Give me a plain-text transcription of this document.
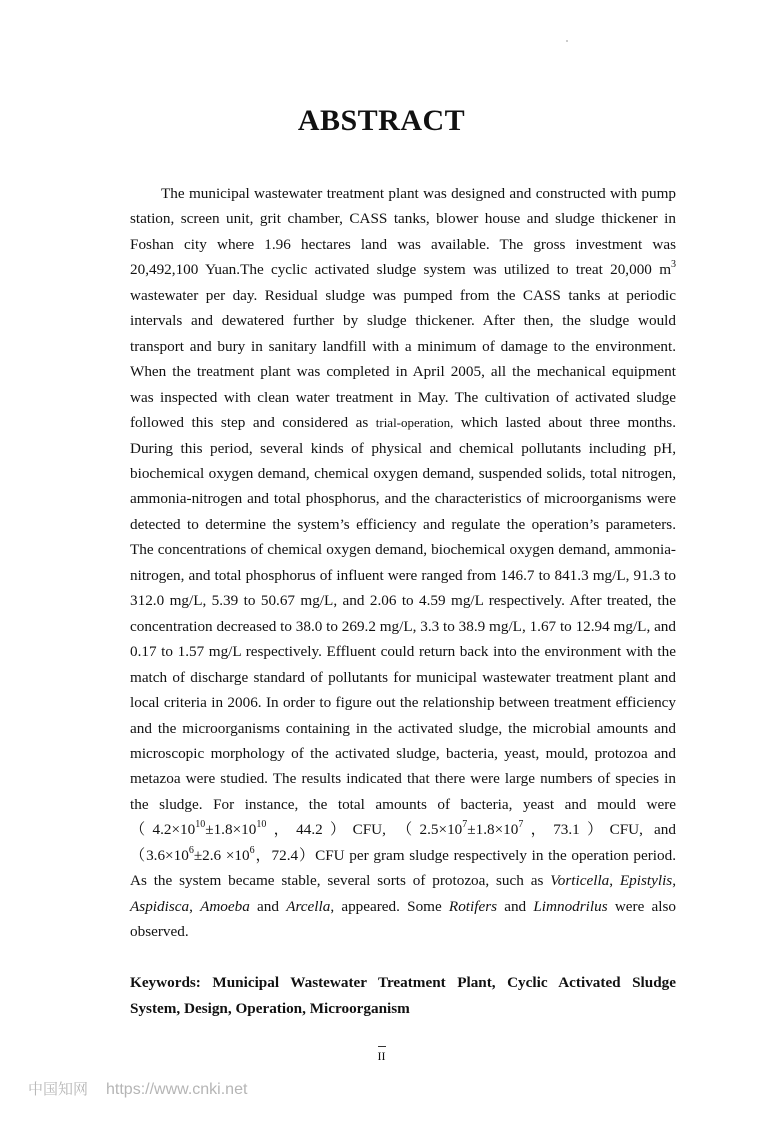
ABSTRACT

The municipal wastewater treatment plant was designed and constructed with pump station, screen unit, grit chamber, CASS tanks, blower house and sludge thickener in Foshan city where 1.96 hectares land was available. The gross investment was 20,492,100 Yuan.The cyclic activated sludge system was utilized to treat 20,000 $m^3$ wastewater per day. Residual sludge was pumped from the CASS tanks at periodic intervals and dewatered further by sludge thickener. After then, the sludge would transport and bury in sanitary landfill with a minimum of damage to the environment. When the treatment plant was completed in April 2005, all the mechanical equipment was inspected with clean water treatment in May. The cultivation of activated sludge followed this step and considered as trial-operation, which lasted about three months. During this period, several kinds of physical and chemical pollutants including pH, biochemical oxygen demand, chemical oxygen demand, suspended solids, total nitrogen, ammonia-nitrogen and total phosphorus, and the characteristics of microorganisms were detected to determine the system’s efficiency and regulate the operation’s parameters. The concentrations of chemical oxygen demand, biochemical oxygen demand, ammonia-nitrogen, and total phosphorus of influent were ranged from 146.7 to 841.3 mg/L, 91.3 to 312.0 mg/L, 5.39 to 50.67 mg/L, and 2.06 to 4.59 mg/L respectively. After treated, the concentration decreased to 38.0 to 269.2 mg/L, 3.3 to 38.9 mg/L, 1.67 to 12.94 mg/L, and 0.17 to 1.57 mg/L respectively. Effluent could return back into the environment with the match of discharge standard of pollutants for municipal wastewater treatment plant and local criteria in 2006. In order to figure out the relationship between treatment efficiency and the microorganisms containing in the activated sludge, the microbial amounts and microscopic morphology of the activated sludge, bacteria, yeast, mould, protozoa and metazoa were studied. The results indicated that there were large numbers of species in the sludge. For instance, the total amounts of bacteria, yeast and mould $were(4.2\times 10^{10}\pm 1.8\times 10^{10}$，44.2）CFU, （$2.5\times 10^7\pm 1.8\times 10^7$，73.1）CFU, and （$3.6\times 10^6\pm 2.6 \times 10^6$，72.4）CFU per gram sludge respectively in the operation period. As the system became stable, several sorts of protozoa, such as Vorticella, Epistylis, Aspidisca, Amoeba and Arcella, appeared. Some Rotifers and Limnodrilus were also observed.

Keywords: Municipal Wastewater Treatment Plant, Cyclic Activated Sludge System, Design, Operation, Microorganism

II
中国知网 https://www.cnki.net
